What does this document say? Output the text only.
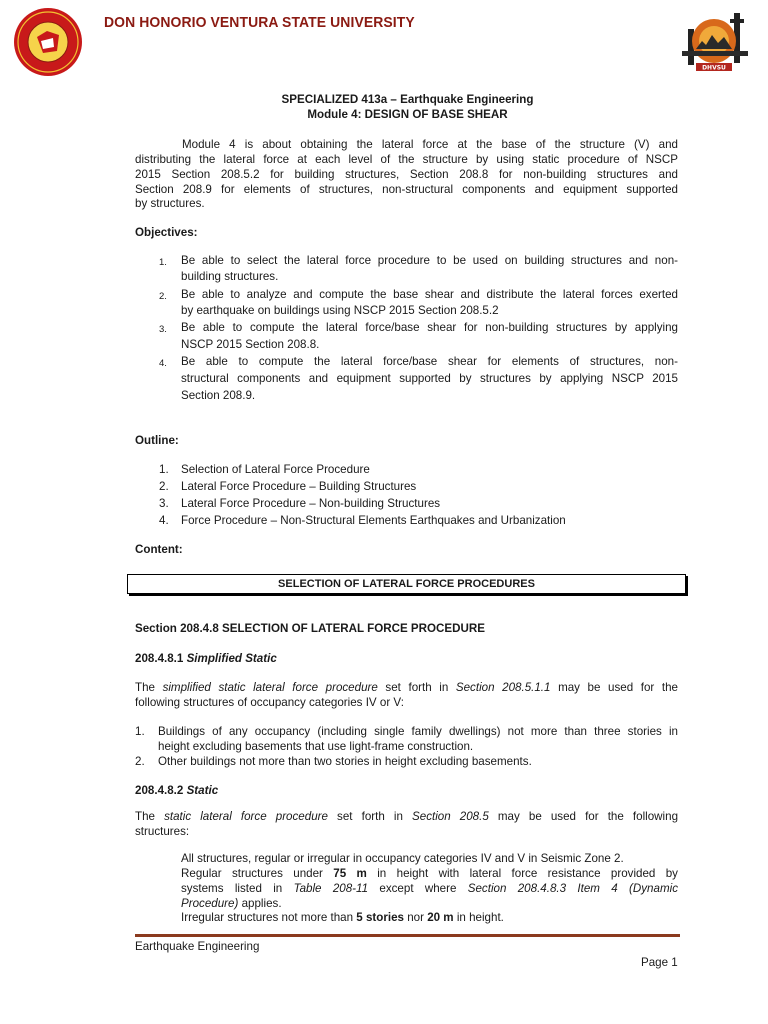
DON HONORIO VENTURA STATE UNIVERSITY
DHVSU
SPECIALIZED 413a – Earthquake Engineering
Module 4: DESIGN OF BASE SHEAR
Module 4 is about obtaining the lateral force at the base of the structure (V) and
distributing the lateral force at each level of the structure by using static procedure of NSCP
2015 Section 208.5.2 for building structures, Section 208.8 for non-building structures and
Section 208.9 for elements of structures, non-structural components and equipment supported
by structures.
Objectives:
1. Be able to select the lateral force procedure to be used on building structures and non-
building structures.
2. Be able to analyze and compute the base shear and distribute the lateral forces exerted
by earthquake on buildings using NSCP 2015 Section 208.5.2
3. Be able to compute the lateral force/base shear for non-building structures by applying
NSCP 2015 Section 208.8.
4. Be able to compute the lateral force/base shear for elements of structures, non-
structural components and equipment supported by structures by applying NSCP 2015
Section 208.9.
Outline:
1. Selection of Lateral Force Procedure
2. Lateral Force Procedure – Building Structures
3. Lateral Force Procedure – Non-building Structures
4. Force Procedure – Non-Structural Elements Earthquakes and Urbanization
Content:
SELECTION OF LATERAL FORCE PROCEDURES
Section 208.4.8 SELECTION OF LATERAL FORCE PROCEDURE
208.4.8.1 Simplified Static
The simplified static lateral force procedure set forth in Section 208.5.1.1 may be used for the
following structures of occupancy categories IV or V:
1. Buildings of any occupancy (including single family dwellings) not more than three stories in
height excluding basements that use light-frame construction.
2. Other buildings not more than two stories in height excluding basements.
208.4.8.2 Static
The static lateral force procedure set forth in Section 208.5 may be used for the following
structures:
All structures, regular or irregular in occupancy categories IV and V in Seismic Zone 2.
Regular structures under 75 m in height with lateral force resistance provided by
systems listed in Table 208-11 except where Section 208.4.8.3 Item 4 (Dynamic
Procedure) applies.
Irregular structures not more than 5 stories nor 20 m in height.
Earthquake Engineering
Page 1
